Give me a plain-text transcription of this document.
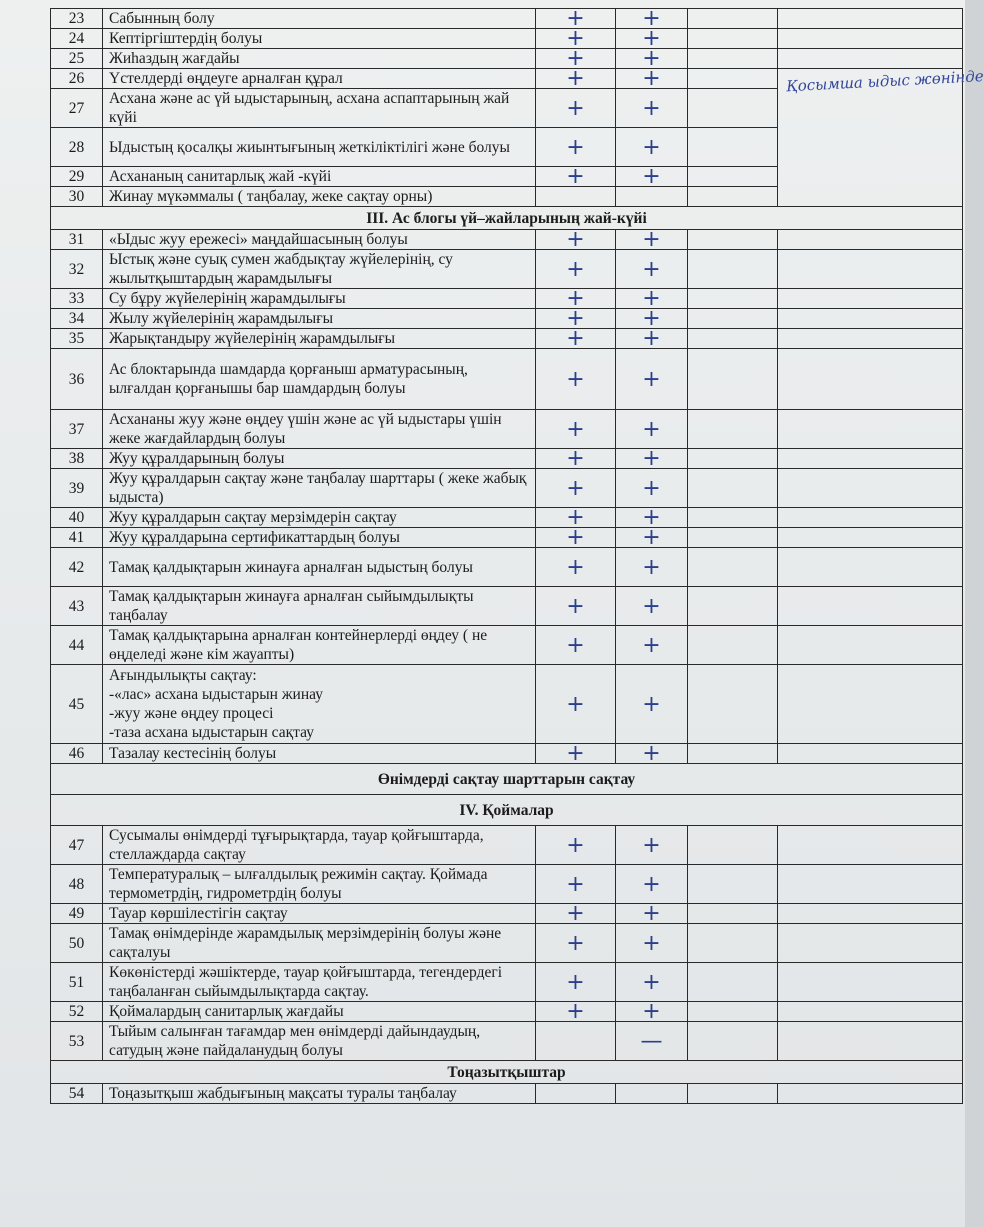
23	Сабынның болу	+	+			
24	Кептіргіштердің болуы	+	+			
25	Жиһаздың жағдайы	+	+			
26	Үстелдерді өңдеуге арналған құрал	+	+		Қосымша ыдыс жөнінде	

27	Асхана және ас үй ыдыстарының, асхана аспаптарының жай күйі	+	+			
28	Ыдыстың қосалқы жиынтығының жеткіліктілігі және болуы	+	+			
29	Асхананың санитарлық жай -күйі	+	+			
30	Жинау мүкәммалы ( таңбалау, жеке сақтау орны)					
ІІІ. Ас блогы үй–жайларының жай-күйі						
31	«Ыдыс жуу ережесі» маңдайшасының болуы	+	+			
32	Ыстық және суық сумен жабдықтау жүйелерінің, су жылытқыштардың жарамдылығы	+	+			
33	Су бұру жүйелерінің жарамдылығы	+	+			
34	Жылу жүйелерінің жарамдылығы	+	+			
35	Жарықтандыру жүйелерінің жарамдылығы	+	+			
36	Ас блоктарында шамдарда қорғаныш арматурасының, ылғалдан қорғанышы бар шамдардың болуы	+	+			
37	Асхананы жуу және өңдеу үшін және ас үй ыдыстары үшін жеке жағдайлардың болуы	+	+			
38	Жуу құралдарының болуы	+	+			
39	Жуу құралдарын сақтау және таңбалау шарттары ( жеке жабық ыдыста)	+	+			
40	Жуу құралдарын сақтау мерзімдерін сақтау	+	+			
41	Жуу құралдарына сертификаттардың болуы	+	+			
42	Тамақ қалдықтарын жинауға арналған ыдыстың болуы	+	+			
43	Тамақ қалдықтарын жинауға арналған сыйымдылықты таңбалау	+	+			
44	Тамақ қалдықтарына арналған контейнерлерді өңдеу ( не өңделеді және кім жауапты)	+	+			
45	Ағындылықты сақтау:
-«лас» асхана ыдыстарын жинау
-жуу және өңдеу процесі
-таза асхана ыдыстарын сақтау	+	+			
46	Тазалау кестесінің болуы	+	+			
Өнімдерді сақтау шарттарын сақтау						
IV. Қоймалар						
47	Сусымалы өнімдерді тұғырықтарда, тауар қойғыштарда, стеллаждарда сақтау	+	+			
48	Температуралық – ылғалдылық режимін сақтау. Қоймада термометрдің, гидрометрдің болуы	+	+			
49	Тауар көршілестігін сақтау	+	+			
50	Тамақ өнімдерінде жарамдылық мерзімдерінің болуы және сақталуы	+	+			
51	Көкөністерді жәшіктерде, тауар қойғыштарда, тегендердегі таңбаланған сыйымдылықтарда сақтау.	+	+			
52	Қоймалардың санитарлық жағдайы	+	+			
53	Тыйым салынған тағамдар мен өнімдерді дайындаудың, сатудың және пайдаланудың болуы		—			
Тоңазытқыштар						
54	Тоңазытқыш жабдығының мақсаты туралы таңбалау					
